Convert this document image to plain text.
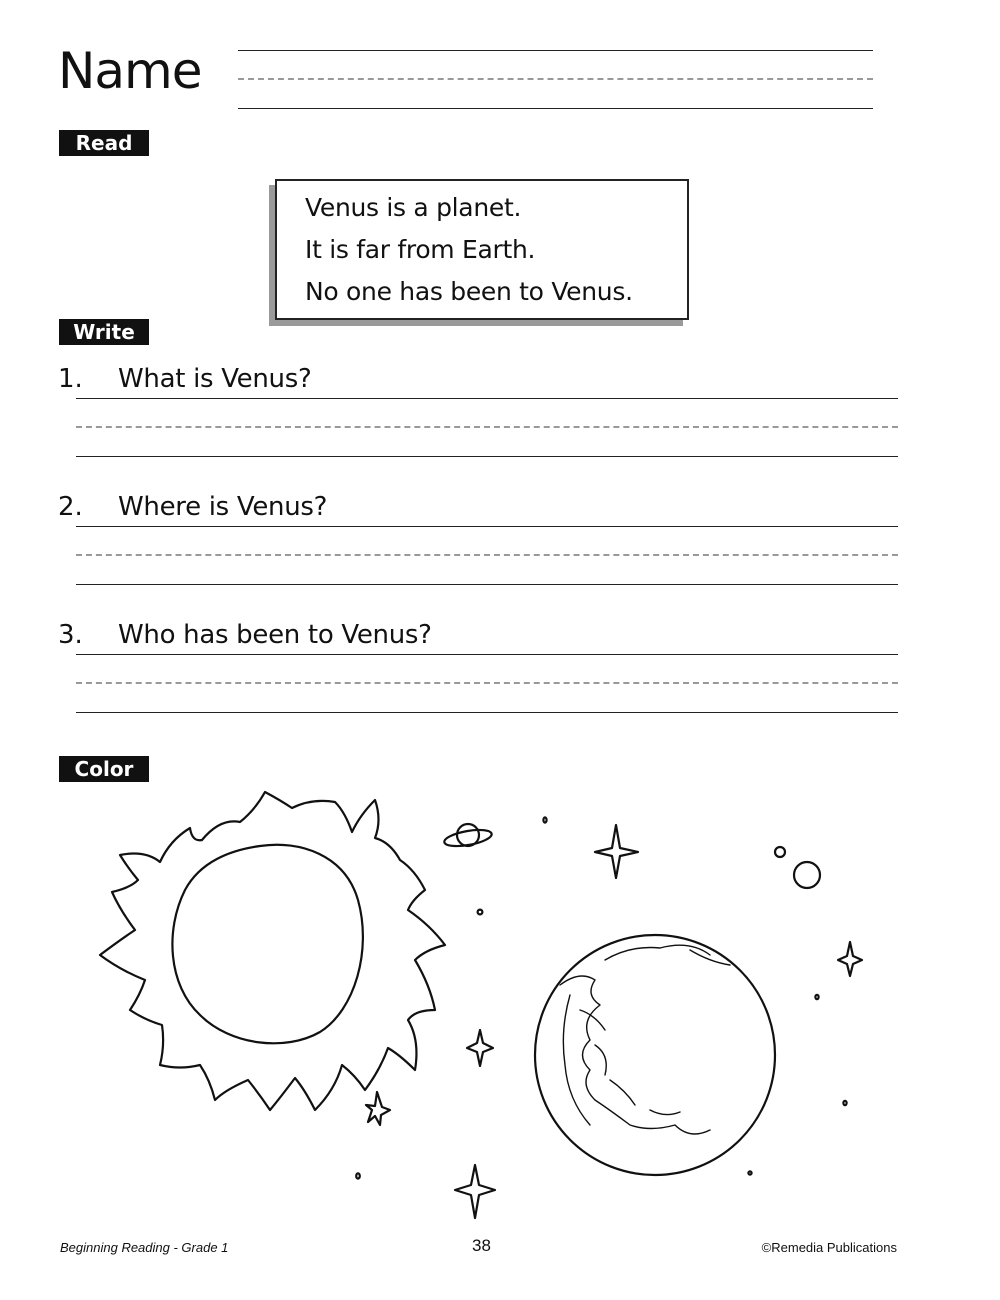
Name
Read

Venus is a planet.

It is far from Earth.

No one has been to Venus.

Write
1. What is Venus?
2. Where is Venus?
3. Who has been to Venus?
Color
Beginning Reading - Grade 1	38	©Remedia Publications
